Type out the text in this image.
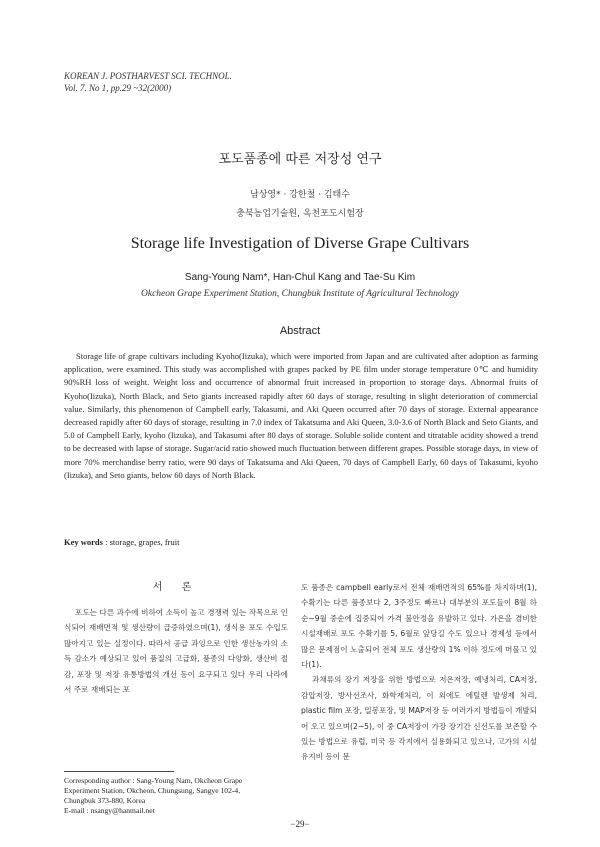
KOREAN J. POSTHARVEST SCI. TECHNOL.
Vol. 7. No 1, pp.29 ~32(2000)
포도품종에 따른 저장성 연구
남상영* · 강한철 · 김태수
충북농업기술원, 옥천포도시험장
Storage life Investigation of Diverse Grape Cultivars
Sang-Young Nam*, Han-Chul Kang and Tae-Su Kim
Okcheon Grape Experiment Station, Chungbuk Institute of Agricultural Technology
Abstract

Storage life of grape cultivars including Kyoho(Iizuka), which were imported from Japan and are cultivated after adoption as farming application, were examined. This study was accomplished with grapes packed by PE film under storage temperature 0℃ and humidity 90%RH loss of weight. Weight loss and occurrence of abnormal fruit increased in proportion to storage days. Abnormal fruits of Kyoho(Iizuka), North Black, and Seto giants increased rapidly after 60 days of storage, resulting in slight deterioration of commercial value. Similarly, this phenomenon of Campbell early, Takasumi, and Aki Queen occurred after 70 days of storage. External appearance decreased rapidly after 60 days of storage, resulting in 7.0 index of Takatsuma and Aki Queen, 3.0-3.6 of North Black and Seto Giants, and 5.0 of Campbell Early, kyoho (Iizuka), and Takasumi after 80 days of storage. Soluble solide content and titratable acidity showed a trend to be decreased with lapse of storage. Sugar/acid ratio showed much fluctuation between different grapes. Possible storage days, in view of more 70% merchandise berry ratio, were 90 days of Takatsuma and Aki Queen, 70 days of Campbell Early, 60 days of Takasumi, kyoho (Iizuka), and Seto giants, below 60 days of North Black.

Key words : storage, grapes, fruit
서 론

포도는 다른 과수에 비하여 소득이 높고 경쟁력 있는 작목으로 인식되어 재배면적 및 생산량이 급증하였으며(1), 생식용 포도 수입도 많아지고 있는 실정이다. 따라서 공급 과잉으로 인한 생산농가의 소득 감소가 예상되고 있어 품질의 고급화, 품종의 다양화, 생산비 절감, 포장 및 저장 유통방법의 개선 등이 요구되고 있다 우리 나라에서 주로 재배되는 포

도 품종은 campbell early로서 전체 재배면적의 65%를 차지하며(1), 수확기는 다른 품종보다 2, 3주정도 빠르나 대부분의 포도들이 8월 하순~9월 중순에 집중되어 가격 불안정을 유발하고 있다. 가온을 겸비한 시설재배로 포도 수확기를 5, 6월로 앞당길 수도 있으나 경제성 등에서 많은 문제점이 노출되어 전체 포도 생산량의 1% 이하 정도에 머물고 있다(1).

과채류의 장기 저장을 위한 방법으로 저온저장, 예냉처리, CA저장, 감압저장, 방사선조사, 화학제처리, 이 외에도 에틸렌 발생제 처리, plastic film 포장, 밀봉포장, 및 MAP저장 등 여러가지 방법들이 개발되어 오고 있으며(2~5), 이 중 CA저장이 가장 장기간 신선도를 보존할 수 있는 방법으로 유럽, 미국 등 각지에서 실용화되고 있으나, 고가의 시설유지비 등이 문

Corresponding author : Sang-Young Nam, Okcheon Grape
Experiment Station, Okcheon, Chungsung, Sangye 102-4,
Chungbuk 373-880, Korea
E-mail : nsangy@hanmail.net
−29−
